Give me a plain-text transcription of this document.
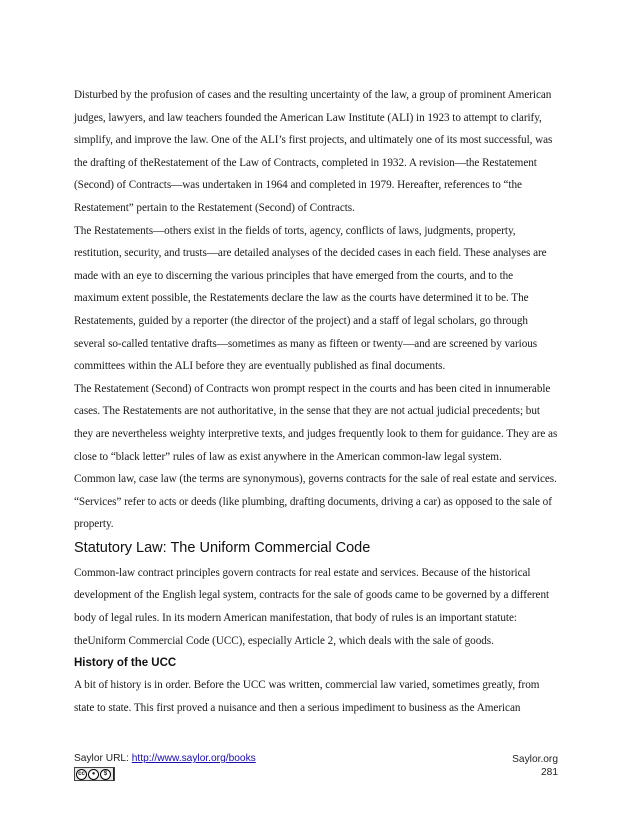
Disturbed by the profusion of cases and the resulting uncertainty of the law, a group of prominent American judges, lawyers, and law teachers founded the American Law Institute (ALI) in 1923 to attempt to clarify, simplify, and improve the law. One of the ALI’s first projects, and ultimately one of its most successful, was the drafting of theRestatement of the Law of Contracts, completed in 1932. A revision—the Restatement (Second) of Contracts—was undertaken in 1964 and completed in 1979. Hereafter, references to “the Restatement” pertain to the Restatement (Second) of Contracts.

The Restatements—others exist in the fields of torts, agency, conflicts of laws, judgments, property, restitution, security, and trusts—are detailed analyses of the decided cases in each field. These analyses are made with an eye to discerning the various principles that have emerged from the courts, and to the maximum extent possible, the Restatements declare the law as the courts have determined it to be. The Restatements, guided by a reporter (the director of the project) and a staff of legal scholars, go through several so-called tentative drafts—sometimes as many as fifteen or twenty—and are screened by various committees within the ALI before they are eventually published as final documents.

The Restatement (Second) of Contracts won prompt respect in the courts and has been cited in innumerable cases. The Restatements are not authoritative, in the sense that they are not actual judicial precedents; but they are nevertheless weighty interpretive texts, and judges frequently look to them for guidance. They are as close to “black letter” rules of law as exist anywhere in the American common-law legal system.

Common law, case law (the terms are synonymous), governs contracts for the sale of real estate and services. “Services” refer to acts or deeds (like plumbing, drafting documents, driving a car) as opposed to the sale of property.

Statutory Law: The Uniform Commercial Code

Common-law contract principles govern contracts for real estate and services. Because of the historical development of the English legal system, contracts for the sale of goods came to be governed by a different body of legal rules. In its modern American manifestation, that body of rules is an important statute: theUniform Commercial Code (UCC), especially Article 2, which deals with the sale of goods.

History of the UCC

A bit of history is in order. Before the UCC was written, commercial law varied, sometimes greatly, from state to state. This first proved a nuisance and then a serious impediment to business as the American

Saylor URL: http://www.saylor.org/books
cc	●	$
Saylor.org
281
